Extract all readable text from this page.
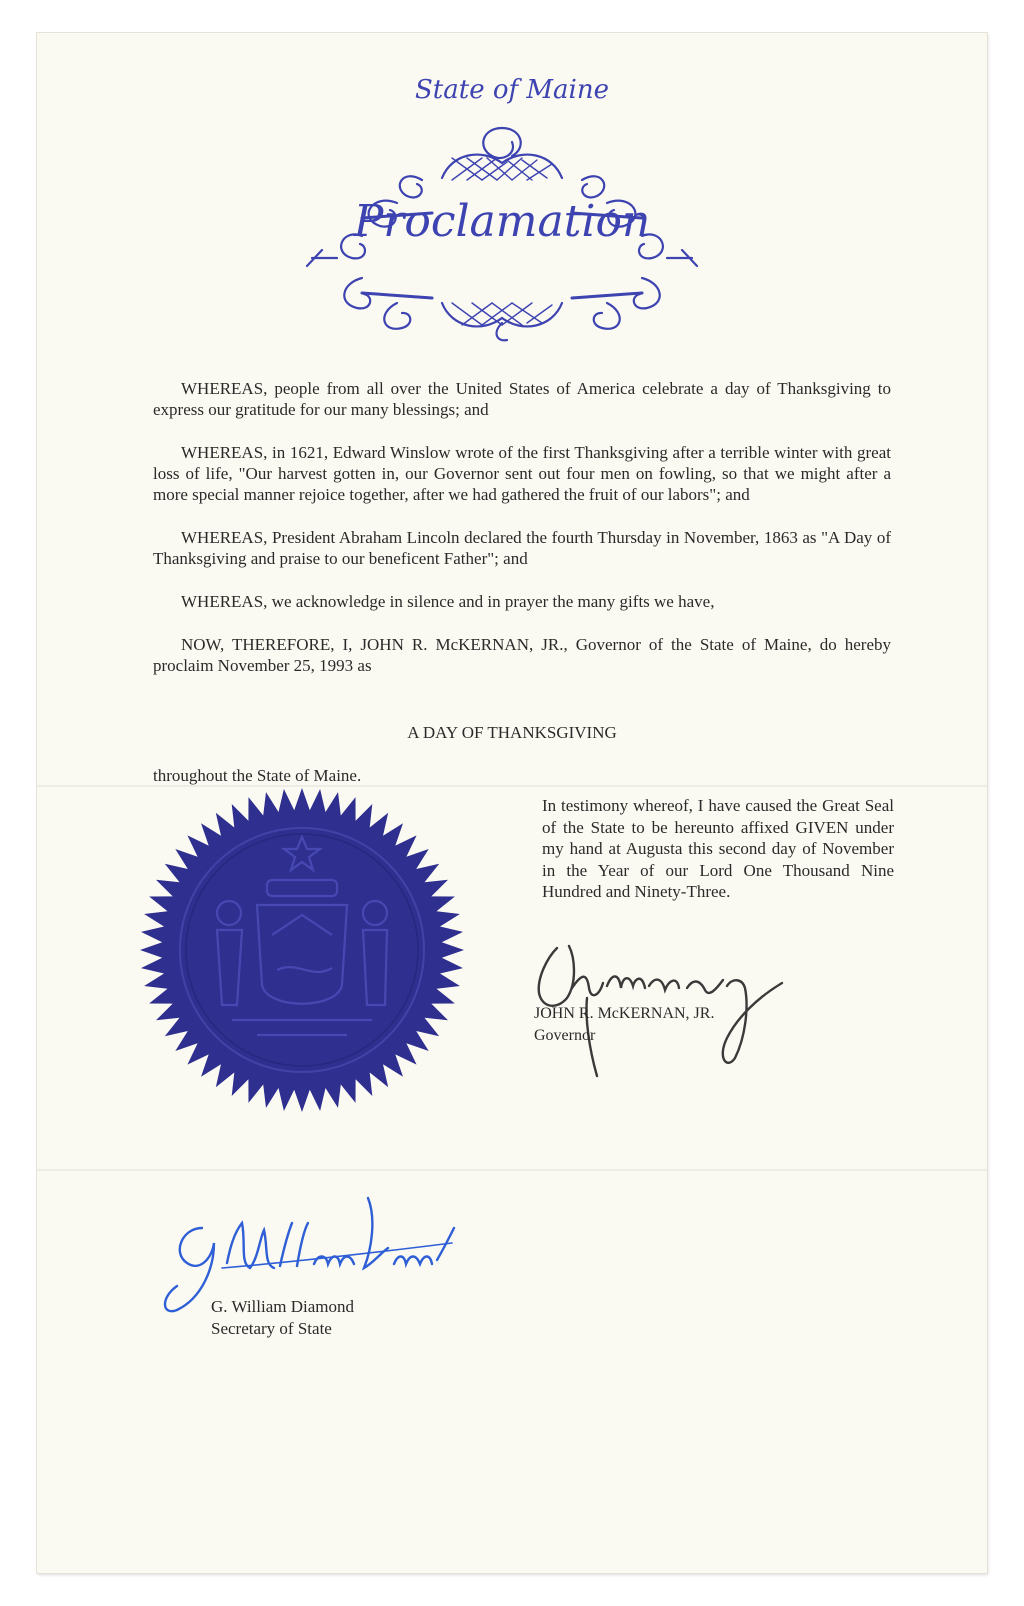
State of Maine
Proclamation

WHEREAS, people from all over the United States of America celebrate a day of Thanksgiving to express our gratitude for our many blessings; and

WHEREAS, in 1621, Edward Winslow wrote of the first Thanksgiving after a terrible winter with great loss of life, "Our harvest gotten in, our Governor sent out four men on fowling, so that we might after a more special manner rejoice together, after we had gathered the fruit of our labors"; and

WHEREAS, President Abraham Lincoln declared the fourth Thursday in November, 1863 as "A Day of Thanksgiving and praise to our beneficent Father"; and

WHEREAS, we acknowledge in silence and in prayer the many gifts we have,

NOW, THEREFORE, I, JOHN R. McKERNAN, JR., Governor of the State of Maine, do hereby proclaim November 25, 1993 as

A DAY OF THANKSGIVING
throughout the State of Maine.
In testimony whereof, I have caused the Great Seal of the State to be hereunto affixed GIVEN under my hand at Augusta this second day of November in the Year of our Lord One Thousand Nine Hundred and Ninety-Three.
JOHN R. McKERNAN, JR.
Governor
G. William Diamond
Secretary of State
